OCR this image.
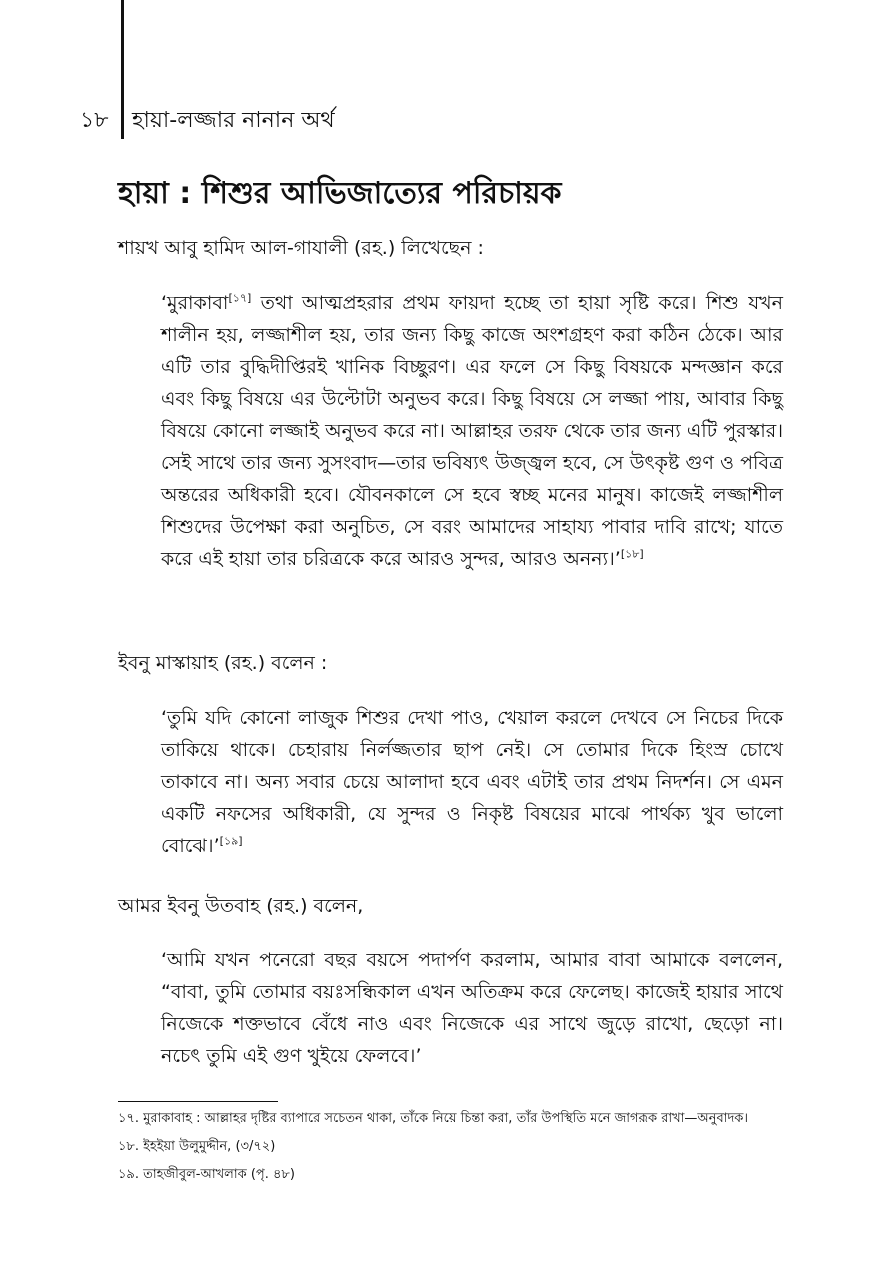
১৮ হায়া-লজ্জার নানান অর্থ
হায়া : শিশুর আভিজাত্যের পরিচায়ক
শায়খ আবু হামিদ আল-গাযালী (রহ.) লিখেছেন :
‘মুরাকাবা[১৭] তথা আত্মপ্রহরার প্রথম ফায়দা হচ্ছে তা হায়া সৃষ্টি করে। শিশু যখন শালীন হয়, লজ্জাশীল হয়, তার জন্য কিছু কাজে অংশগ্রহণ করা কঠিন ঠেকে। আর এটি তার বুদ্ধিদীপ্তিরই খানিক বিচ্ছুরণ। এর ফলে সে কিছু বিষয়কে মন্দজ্ঞান করে এবং কিছু বিষয়ে এর উল্টোটা অনুভব করে। কিছু বিষয়ে সে লজ্জা পায়, আবার কিছু বিষয়ে কোনো লজ্জাই অনুভব করে না। আল্লাহর তরফ থেকে তার জন্য এটি পুরস্কার। সেই সাথে তার জন্য সুসংবাদ—তার ভবিষ্যৎ উজ্জ্বল হবে, সে উৎকৃষ্ট গুণ ও পবিত্র অন্তরের অধিকারী হবে। যৌবনকালে সে হবে স্বচ্ছ মনের মানুষ। কাজেই লজ্জাশীল শিশুদের উপেক্ষা করা অনুচিত, সে বরং আমাদের সাহায্য পাবার দাবি রাখে; যাতে করে এই হায়া তার চরিত্রকে করে আরও সুন্দর, আরও অনন্য।’[১৮]
ইবনু মাস্কায়াহ (রহ.) বলেন :
‘তুমি যদি কোনো লাজুক শিশুর দেখা পাও, খেয়াল করলে দেখবে সে নিচের দিকে তাকিয়ে থাকে। চেহারায় নির্লজ্জতার ছাপ নেই। সে তোমার দিকে হিংস্র চোখে তাকাবে না। অন্য সবার চেয়ে আলাদা হবে এবং এটাই তার প্রথম নিদর্শন। সে এমন একটি নফসের অধিকারী, যে সুন্দর ও নিকৃষ্ট বিষয়ের মাঝে পার্থক্য খুব ভালো বোঝে।’[১৯]
আমর ইবনু উতবাহ (রহ.) বলেন,
‘আমি যখন পনেরো বছর বয়সে পদার্পণ করলাম, আমার বাবা আমাকে বললেন, “বাবা, তুমি তোমার বয়ঃসন্ধিকাল এখন অতিক্রম করে ফেলেছ। কাজেই হায়ার সাথে নিজেকে শক্তভাবে বেঁধে নাও এবং নিজেকে এর সাথে জুড়ে রাখো, ছেড়ো না। নচেৎ তুমি এই গুণ খুইয়ে ফেলবে।’

১৭. মুরাকাবাহ : আল্লাহর দৃষ্টির ব্যাপারে সচেতন থাকা, তাঁকে নিয়ে চিন্তা করা, তাঁর উপস্থিতি মনে জাগরূক রাখা—অনুবাদক।

১৮. ইহইয়া উলুমুদ্দীন, (৩/৭২)

১৯. তাহজীবুল-আখলাক (পৃ. ৪৮)
